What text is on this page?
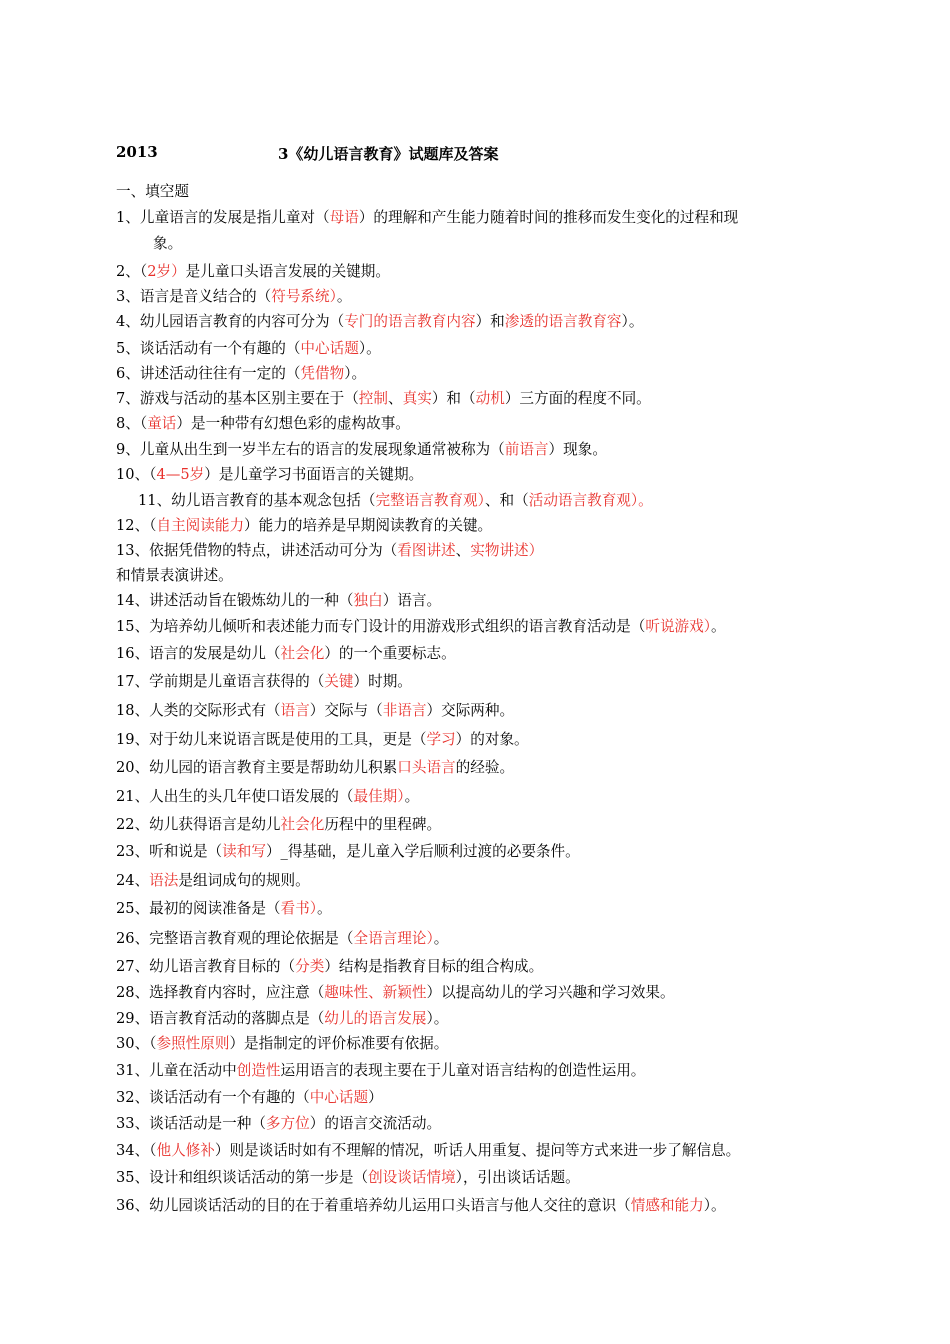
2013	3《幼儿语言教育》试题库及答案
一、填空题
1、儿童语言的发展是指儿童对（母语）的理解和产生能力随着时间的推移而发生变化的过程和现
象。
2、（2岁）是儿童口头语言发展的关键期。
3、语言是音义结合的（符号系统）。
4、幼儿园语言教育的内容可分为（专门的语言教育内容）和渗透的语言教育容）。
5、谈话活动有一个有趣的（中心话题）。
6、讲述活动往往有一定的（凭借物）。
7、游戏与活动的基本区别主要在于（控制、真实）和（动机）三方面的程度不同。
8、（童话）是一种带有幻想色彩的虚构故事。
9、儿童从出生到一岁半左右的语言的发展现象通常被称为（前语言）现象。
10、（4—5岁）是儿童学习书面语言的关键期。
11、幼儿语言教育的基本观念包括（完整语言教育观）、和（活动语言教育观）。
12、（自主阅读能力）能力的培养是早期阅读教育的关键。
13、依据凭借物的特点，讲述活动可分为（看图讲述、实物讲述）
和情景表演讲述。
14、讲述活动旨在锻炼幼儿的一种（独白）语言。
15、为培养幼儿倾听和表述能力而专门设计的用游戏形式组织的语言教育活动是（听说游戏）。
16、语言的发展是幼儿（社会化）的一个重要标志。
17、学前期是儿童语言获得的（关键）时期。
18、人类的交际形式有（语言）交际与（非语言）交际两种。
19、对于幼儿来说语言既是使用的工具，更是（学习）的对象。
20、幼儿园的语言教育主要是帮助幼儿积累口头语言的经验。
21、人出生的头几年使口语发展的（最佳期）。
22、幼儿获得语言是幼儿社会化历程中的里程碑。
23、听和说是（读和写）_得基础，是儿童入学后顺利过渡的必要条件。
24、语法是组词成句的规则。
25、最初的阅读准备是（看书）。
26、完整语言教育观的理论依据是（全语言理论）。
27、幼儿语言教育目标的（分类）结构是指教育目标的组合构成。
28、选择教育内容时，应注意（趣味性、新颖性）以提高幼儿的学习兴趣和学习效果。
29、语言教育活动的落脚点是（幼儿的语言发展）。
30、（参照性原则）是指制定的评价标准要有依据。
31、儿童在活动中创造性运用语言的表现主要在于儿童对语言结构的创造性运用。
32、谈话活动有一个有趣的（中心话题）
33、谈话活动是一种（多方位）的语言交流活动。
34、（他人修补）则是谈话时如有不理解的情况，听话人用重复、提问等方式来进一步了解信息。
35、设计和组织谈话活动的第一步是（创设谈话情境），引出谈话话题。
36、幼儿园谈话活动的目的在于着重培养幼儿运用口头语言与他人交往的意识（情感和能力）。
